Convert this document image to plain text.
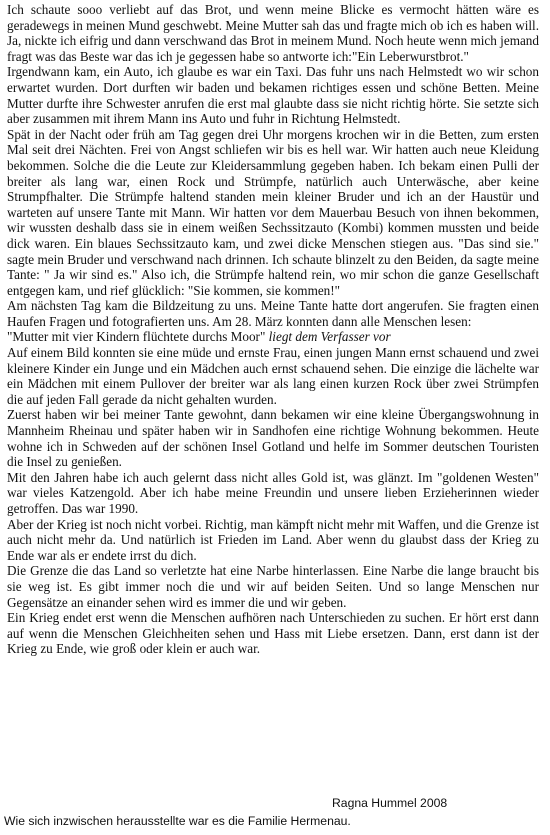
Ich schaute sooo verliebt auf das Brot, und wenn meine Blicke es vermocht hätten wäre es geradewegs in meinen Mund geschwebt. Meine Mutter sah das und fragte mich ob ich es haben will. Ja, nickte ich eifrig und dann verschwand das Brot in meinem Mund. Noch heute wenn mich jemand fragt was das Beste war das ich je gegessen habe so antworte ich:"Ein Leberwurstbrot."

Irgendwann kam, ein Auto, ich glaube es war ein Taxi. Das fuhr uns nach Helmstedt wo wir schon erwartet wurden. Dort durften wir baden und bekamen richtiges essen und schöne Betten. Meine Mutter durfte ihre Schwester anrufen die erst mal glaubte dass sie nicht richtig hörte. Sie setzte sich aber zusammen mit ihrem Mann ins Auto und fuhr in Richtung Helmstedt.

Spät in der Nacht oder früh am Tag gegen drei Uhr morgens krochen wir in die Betten, zum ersten Mal seit drei Nächten. Frei von Angst schliefen wir bis es hell war. Wir hatten auch neue Kleidung bekommen. Solche die die Leute zur Kleidersammlung gegeben haben. Ich bekam einen Pulli der breiter als lang war, einen Rock und Strümpfe, natürlich auch Unterwäsche, aber keine Strumpfhalter. Die Strümpfe haltend standen mein kleiner Bruder und ich an der Haustür und warteten auf unsere Tante mit Mann. Wir hatten vor dem Mauerbau Besuch von ihnen bekommen, wir wussten deshalb dass sie in einem weißen Sechssitzauto (Kombi) kommen mussten und beide dick waren. Ein blaues Sechssitzauto kam, und zwei dicke Menschen stiegen aus. "Das sind sie." sagte mein Bruder und verschwand nach drinnen. Ich schaute blinzelt zu den Beiden, da sagte meine Tante: " Ja wir sind es." Also ich, die Strümpfe haltend rein, wo mir schon die ganze Gesellschaft entgegen kam, und rief glücklich: "Sie kommen, sie kommen!"

Am nächsten Tag kam die Bildzeitung zu uns. Meine Tante hatte dort angerufen. Sie fragten einen Haufen Fragen und fotografierten uns. Am 28. März konnten dann alle Menschen lesen:

"Mutter mit vier Kindern flüchtete durchs Moor" liegt dem Verfasser vor

Auf einem Bild konnten sie eine müde und ernste Frau, einen jungen Mann ernst schauend und zwei kleinere Kinder ein Junge und ein Mädchen auch ernst schauend sehen. Die einzige die lächelte war ein Mädchen mit einem Pullover der breiter war als lang einen kurzen Rock über zwei Strümpfen die auf jeden Fall gerade da nicht gehalten wurden.

Zuerst haben wir bei meiner Tante gewohnt, dann bekamen wir eine kleine Übergangswohnung in Mannheim Rheinau und später haben wir in Sandhofen eine richtige Wohnung bekommen. Heute wohne ich in Schweden auf der schönen Insel Gotland und helfe im Sommer deutschen Touristen die Insel zu genießen.

Mit den Jahren habe ich auch gelernt dass nicht alles Gold ist, was glänzt. Im "goldenen Westen" war vieles Katzengold. Aber ich habe meine Freundin und unsere lieben Erzieherinnen wieder getroffen. Das war 1990.

Aber der Krieg ist noch nicht vorbei. Richtig, man kämpft nicht mehr mit Waffen, und die Grenze ist auch nicht mehr da. Und natürlich ist Frieden im Land. Aber wenn du glaubst dass der Krieg zu Ende war als er endete irrst du dich.

Die Grenze die das Land so verletzte hat eine Narbe hinterlassen. Eine Narbe die lange braucht bis sie weg ist. Es gibt immer noch die und wir auf beiden Seiten. Und so lange Menschen nur Gegensätze an einander sehen wird es immer die und wir geben.

Ein Krieg endet erst wenn die Menschen aufhören nach Unterschieden zu suchen. Er hört erst dann auf wenn die Menschen Gleichheiten sehen und Hass mit Liebe ersetzen. Dann, erst dann ist der Krieg zu Ende, wie groß oder klein er auch war.

Ragna Hummel 2008
Wie sich inzwischen herausstellte war es die Familie Hermenau.
